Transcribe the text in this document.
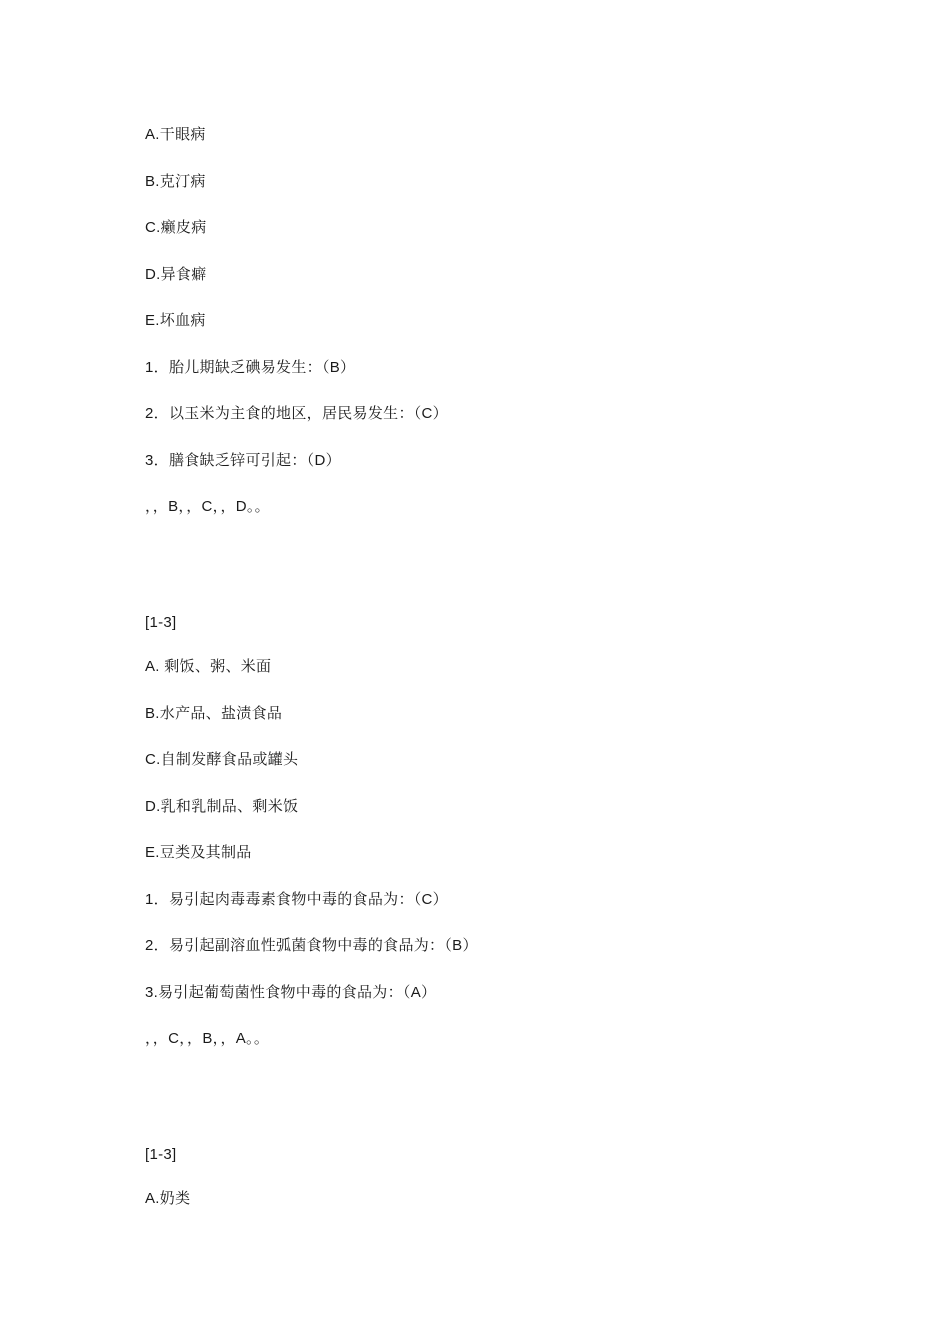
A.干眼病
B.克汀病
C.癞皮病
D.异食癖
E.坏血病
1．胎儿期缺乏碘易发生：（B）
2．以玉米为主食的地区，居民易发生：（C）
3．膳食缺乏锌可引起：（D）
，，B，，C，，D。。
[1-3]
A. 剩饭、粥、米面
B.水产品、盐渍食品
C.自制发酵食品或罐头
D.乳和乳制品、剩米饭
E.豆类及其制品
1．易引起肉毒毒素食物中毒的食品为：（C）
2．易引起副溶血性弧菌食物中毒的食品为：（B）
3.易引起葡萄菌性食物中毒的食品为：（A）
，，C，，B，，A。。
[1-3]
A.奶类
